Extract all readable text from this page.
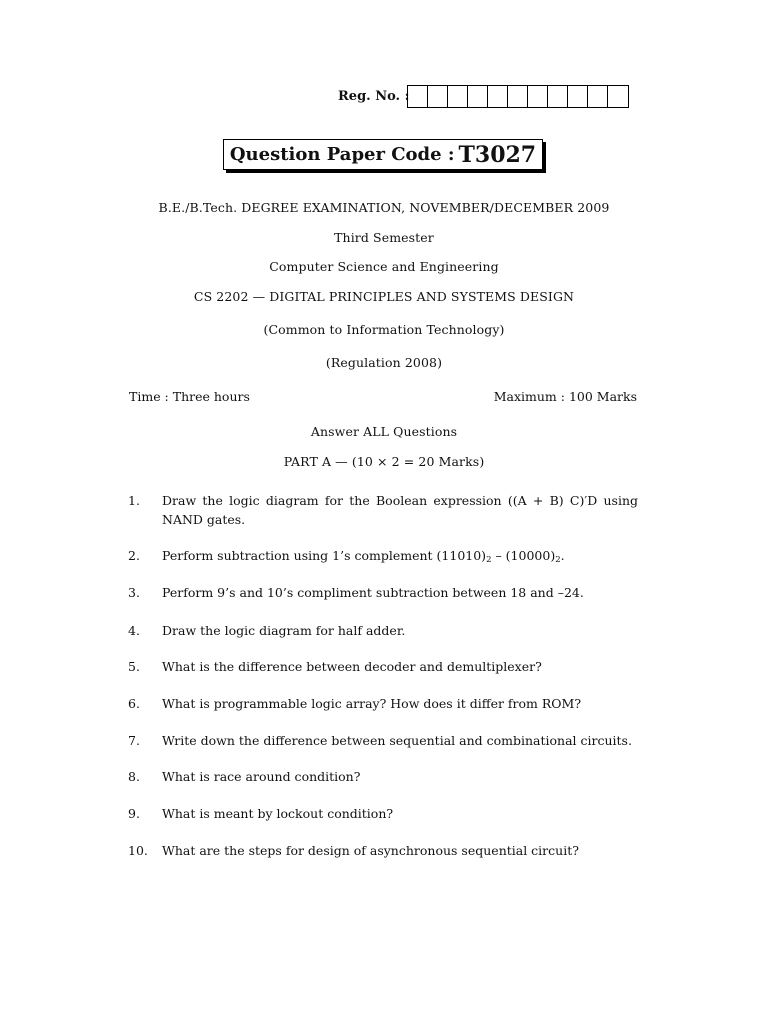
Reg. No. :
Question Paper Code : T3027
B.E./B.Tech. DEGREE EXAMINATION, NOVEMBER/DECEMBER 2009
Third Semester
Computer Science and Engineering
CS 2202 — DIGITAL PRINCIPLES AND SYSTEMS DESIGN
(Common to Information Technology)
(Regulation 2008)
Time : Three hours	Maximum : 100 Marks
Answer ALL Questions
PART A — (10 × 2 = 20 Marks)
1.	Draw the logic diagram for the Boolean expression ((A + B) C)′D using NAND gates.
2.	Perform subtraction using 1’s complement $(11010)_2 - (10000)_2$.
3.	Perform 9’s and 10’s compliment subtraction between 18 and –24.
4.	Draw the logic diagram for half adder.
5.	What is the difference between decoder and demultiplexer?
6.	What is programmable logic array? How does it differ from ROM?
7.	Write down the difference between sequential and combinational circuits.
8.	What is race around condition?
9.	What is meant by lockout condition?
10.	What are the steps for design of asynchronous sequential circuit?
